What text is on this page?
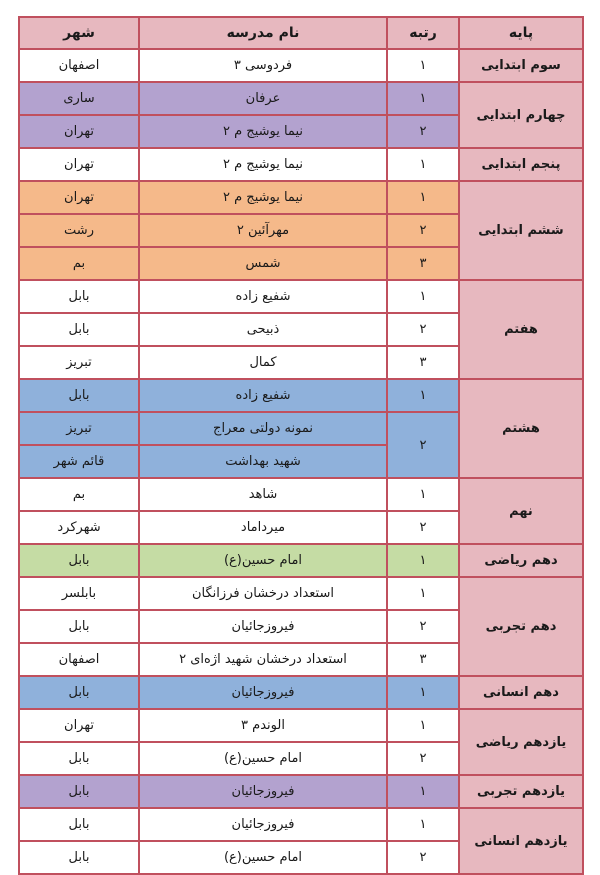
پایه	رتبه	نام مدرسه	شهر
سوم ابتدایی	۱	فردوسی ۳	اصفهان
چهارم ابتدایی	۱	عرفان	ساری
	۲	نیما یوشیج م ۲	تهران
پنجم ابتدایی	۱	نیما یوشیج م ۲	تهران
ششم ابتدایی	۱	نیما یوشیج م ۲	تهران
	۲	مهرآئین ۲	رشت
	۳	شمس	بم
هفتم	۱	شفیع زاده	بابل
	۲	ذبیحی	بابل
	۳	کمال	تبریز
هشتم	۱	شفیع زاده	بابل
	۲	نمونه دولتی معراج	تبریز
		شهید بهداشت	قائم شهر
نهم	۱	شاهد	بم
	۲	میرداماد	شهرکرد
دهم ریاضی	۱	امام حسین(ع)	بابل
دهم تجربی	۱	استعداد درخشان فرزانگان	بابلسر
	۲	فیروزجائیان	بابل
	۳	استعداد درخشان شهید اژه‌ای ۲	اصفهان
دهم انسانی	۱	فیروزجائیان	بابل
یازدهم ریاضی	۱	الوندم ۳	تهران
	۲	امام حسین(ع)	بابل
یازدهم تجربی	۱	فیروزجائیان	بابل
یازدهم انسانی	۱	فیروزجائیان	بابل
	۲	امام حسین(ع)	بابل
